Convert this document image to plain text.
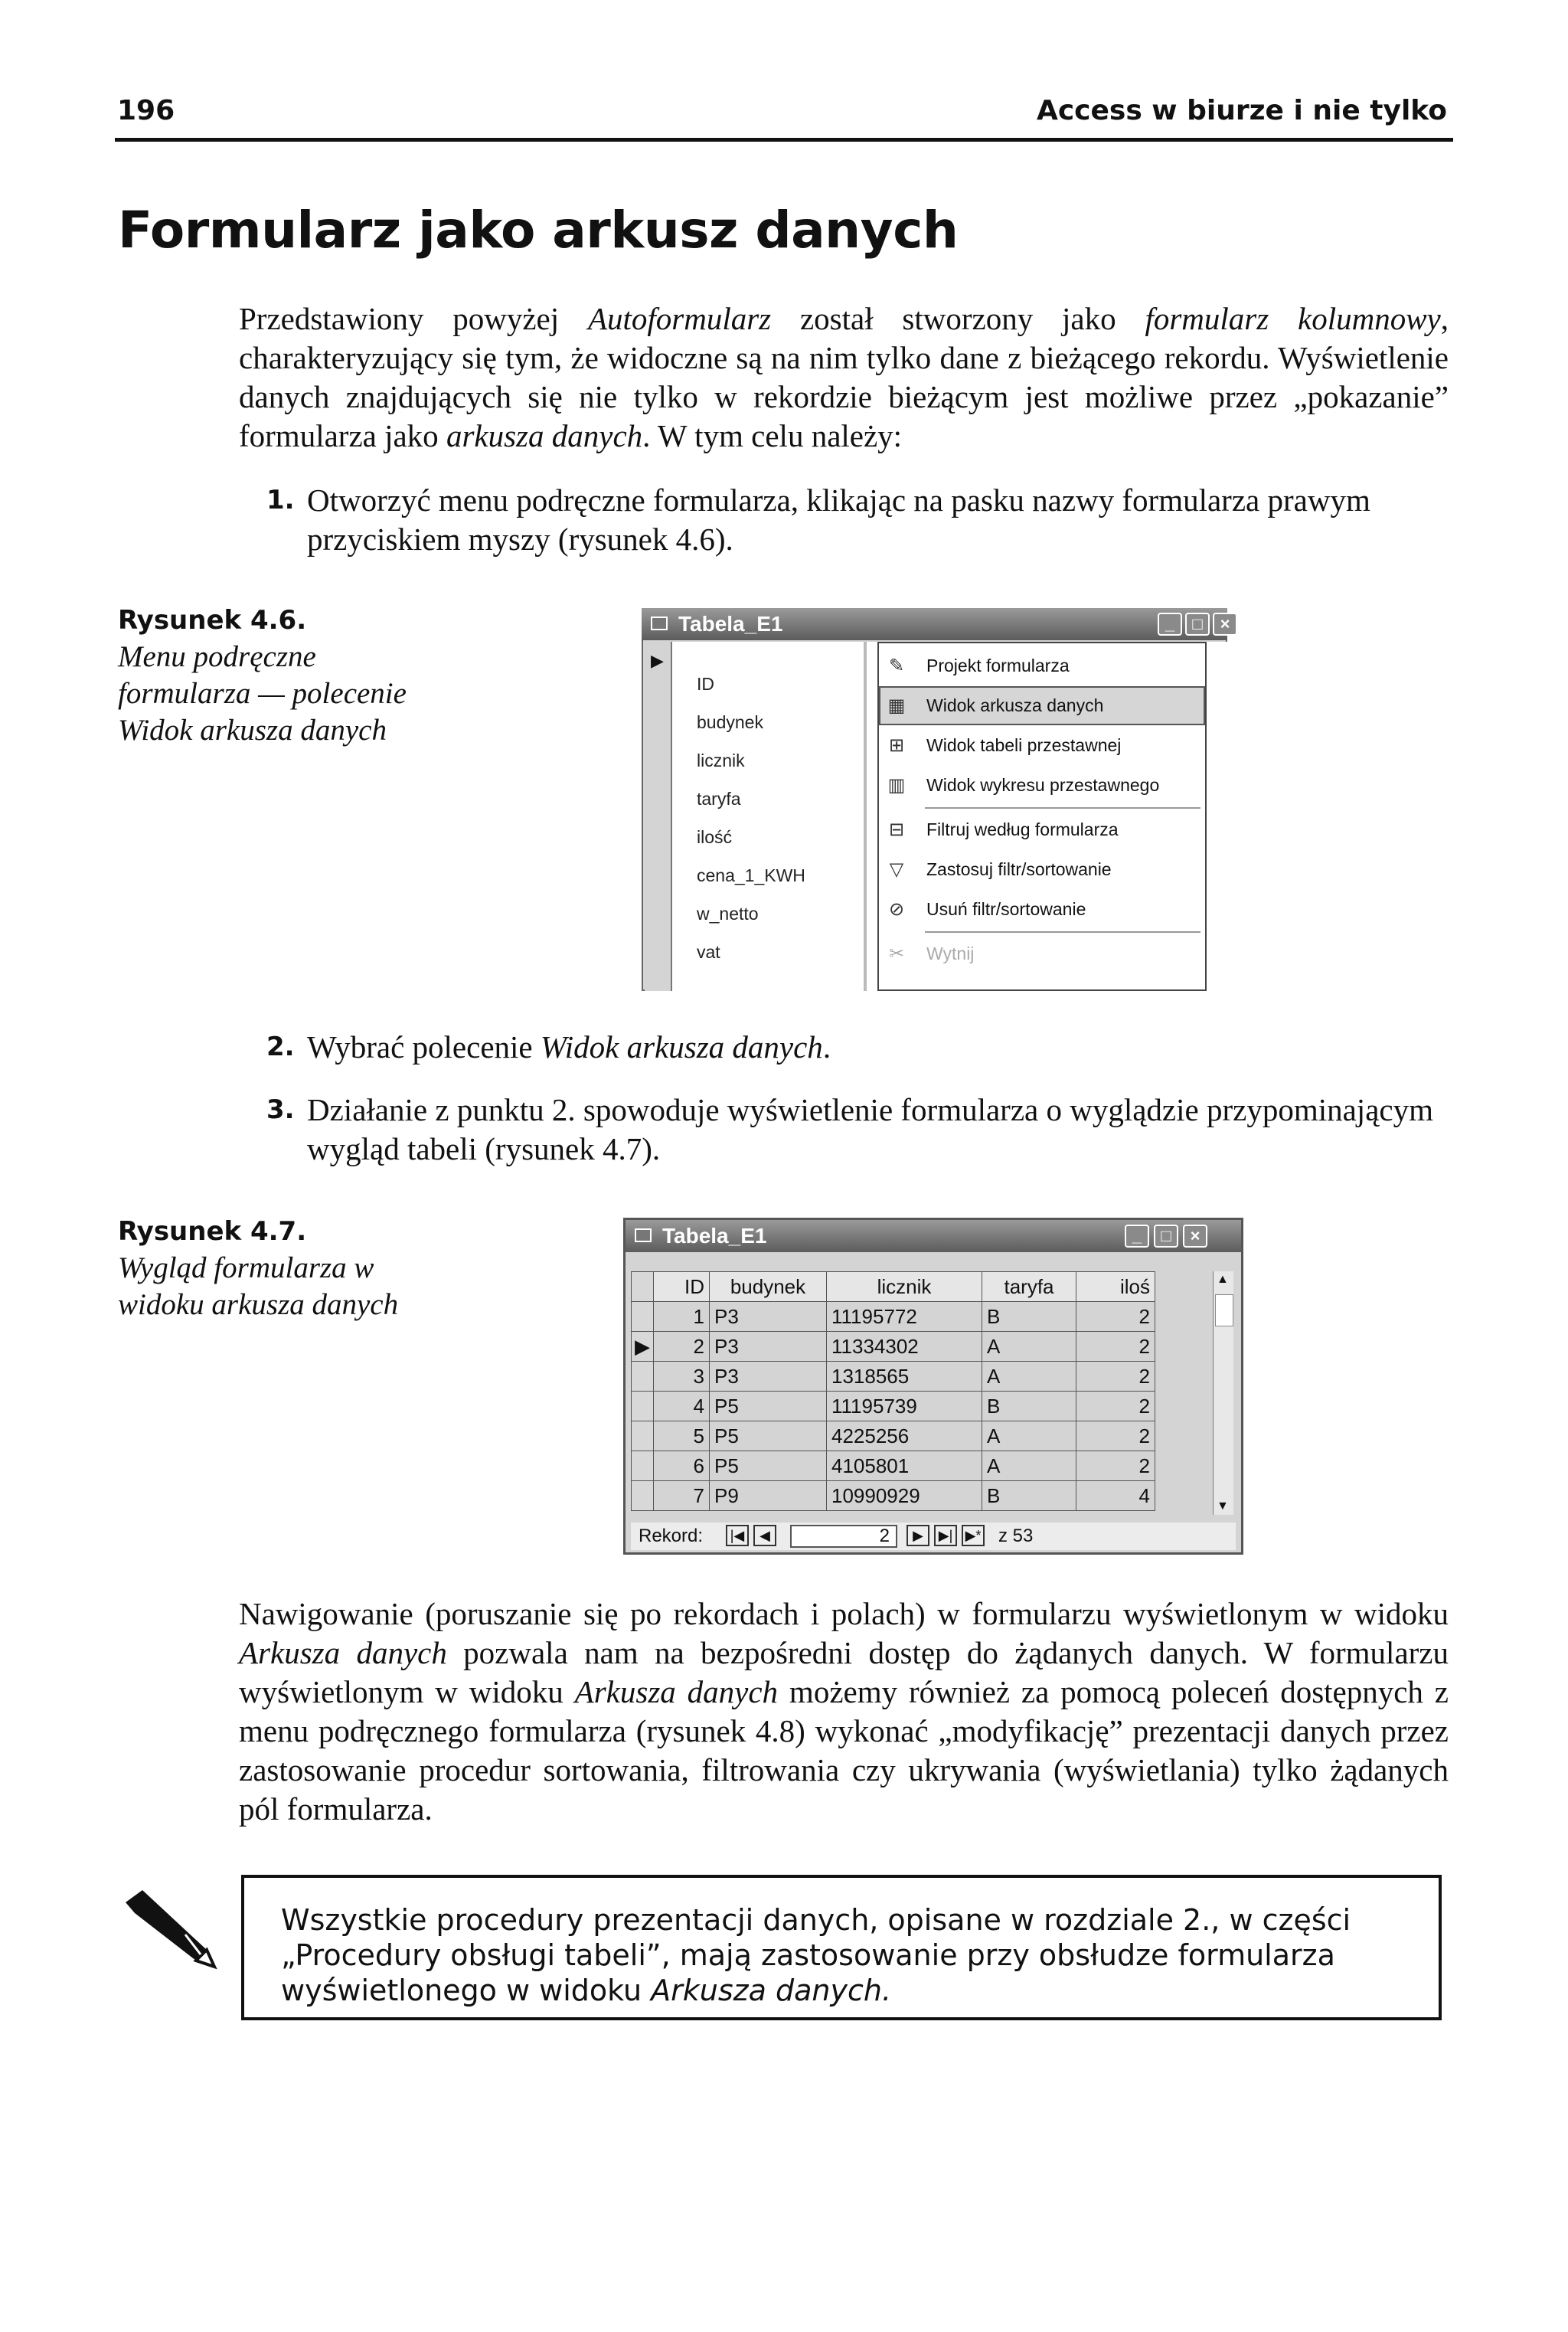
196	Access w biurze i nie tylko
Formularz jako arkusz danych
Przedstawiony powyżej Autoformularz został stworzony jako formularz kolumnowy, charakteryzujący się tym, że widoczne są na nim tylko dane z bieżącego rekordu. Wyświetlenie danych znajdujących się nie tylko w rekordzie bieżącym jest możliwe przez „pokazanie” formularza jako arkusza danych. W tym celu należy:
1. Otworzyć menu podręczne formularza, klikając na pasku nazwy formularza prawym przyciskiem myszy (rysunek 4.6).
Rysunek 4.6.
Menu podręczne formularza — polecenie Widok arkusza danych
Tabela_E1	_	□	×
▶
ID
budynek
licznik
taryfa
ilość
cena_1_KWH
w_netto
vat
✎ Projekt formularza
▦ Widok arkusza danych
⊞ Widok tabeli przestawnej
▥ Widok wykresu przestawnego
⊟ Filtruj według formularza
▽ Zastosuj filtr/sortowanie
⊘ Usuń filtr/sortowanie
✂ Wytnij
2. Wybrać polecenie Widok arkusza danych.
3. Działanie z punktu 2. spowoduje wyświetlenie formularza o wyglądzie przypominającym wygląd tabeli (rysunek 4.7).
Rysunek 4.7.
Wygląd formularza w widoku arkusza danych
Tabela_E1	_	□	×
	ID	budynek	licznik	taryfa	iloś
	1	P3	11195772	B	2
▶	2	P3	11334302	A	2
	3	P3	1318565	A	2
	4	P5	11195739	B	2
	5	P5	4225256	A	2
	6	P5	4105801	A	2
	7	P9	10990929	B	4
▲
▼
Rekord:	|◀	◀	2	▶	▶| ▶* z 53
Nawigowanie (poruszanie się po rekordach i polach) w formularzu wyświetlonym w widoku Arkusza danych pozwala nam na bezpośredni dostęp do żądanych danych. W formularzu wyświetlonym w widoku Arkusza danych możemy również za pomocą poleceń dostępnych z menu podręcznego formularza (rysunek 4.8) wykonać „modyfikację” prezentacji danych przez zastosowanie procedur sortowania, filtrowania czy ukrywania (wyświetlania) tylko żądanych pól formularza.
Wszystkie procedury prezentacji danych, opisane w rozdziale 2., w części „Procedury obsługi tabeli”, mają zastosowanie przy obsłudze formularza wyświetlonego w widoku Arkusza danych.
